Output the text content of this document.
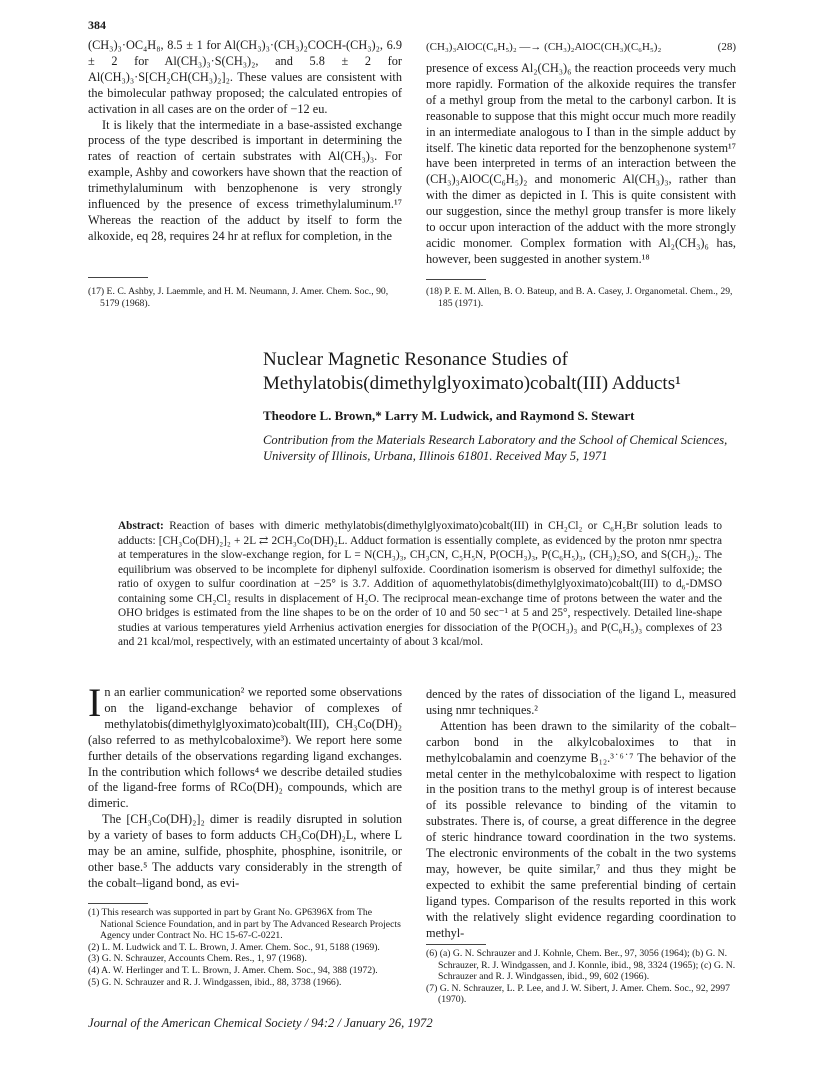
384

(CH₃)₃·OC₄H₈, 8.5 ± 1 for Al(CH₃)₃·(CH₃)₂COCH-(CH₃)₂, 6.9 ± 2 for Al(CH₃)₃·S(CH₃)₂, and 5.8 ± 2 for Al(CH₃)₃·S[CH₂CH(CH₃)₂]₂. These values are consistent with the bimolecular pathway proposed; the calculated entropies of activation in all cases are on the order of −12 eu.

It is likely that the intermediate in a base-assisted exchange process of the type described is important in determining the rates of reaction of certain substrates with Al(CH₃)₃. For example, Ashby and coworkers have shown that the reaction of trimethylaluminum with benzophenone is very strongly influenced by the presence of excess trimethylaluminum.¹⁷ Whereas the reaction of the adduct by itself to form the alkoxide, eq 28, requires 24 hr at reflux for completion, in the

(17) E. C. Ashby, J. Laemmle, and H. M. Neumann, J. Amer. Chem. Soc., 90, 5179 (1968).

(CH₃)₃AlOC(C₆H₅)₂ —→ (CH₃)₂AlOC(CH₃)(C₆H₅)₂	(28)

presence of excess Al₂(CH₃)₆ the reaction proceeds very much more rapidly. Formation of the alkoxide requires the transfer of a methyl group from the metal to the carbonyl carbon. It is reasonable to suppose that this might occur much more readily in an intermediate analogous to I than in the simple adduct by itself. The kinetic data reported for the benzophenone system¹⁷ have been interpreted in terms of an interaction between the (CH₃)₃AlOC(C₆H₅)₂ and monomeric Al(CH₃)₃, rather than with the dimer as depicted in I. This is quite consistent with our suggestion, since the methyl group transfer is more likely to occur upon interaction of the adduct with the more strongly acidic monomer. Complex formation with Al₂(CH₃)₆ has, however, been suggested in another system.¹⁸

(18) P. E. M. Allen, B. O. Bateup, and B. A. Casey, J. Organometal. Chem., 29, 185 (1971).

Nuclear Magnetic Resonance Studies of
Methylatobis(dimethylglyoximato)cobalt(III) Adducts¹
Theodore L. Brown,* Larry M. Ludwick, and Raymond S. Stewart
Contribution from the Materials Research Laboratory and the School of Chemical Sciences, University of Illinois, Urbana, Illinois 61801. Received May 5, 1971
Abstract: Reaction of bases with dimeric methylatobis(dimethylglyoximato)cobalt(III) in CH₂Cl₂ or C₆H₅Br solution leads to adducts: [CH₃Co(DH)₂]₂ + 2L ⇄ 2CH₃Co(DH)₂L. Adduct formation is essentially complete, as evidenced by the proton nmr spectra at temperatures in the slow-exchange region, for L = N(CH₃)₃, CH₃CN, C₅H₅N, P(OCH₃)₃, P(C₆H₅)₃, (CH₃)₂SO, and S(CH₃)₂. The equilibrium was observed to be incomplete for diphenyl sulfoxide. Coordination isomerism is observed for dimethyl sulfoxide; the ratio of oxygen to sulfur coordination at −25° is 3.7. Addition of aquomethylatobis(dimethylglyoximato)cobalt(III) to d₆-DMSO containing some CH₂Cl₂ results in displacement of H₂O. The reciprocal mean-exchange time of protons between the water and the OHO bridges is estimated from the line shapes to be on the order of 10 and 50 sec⁻¹ at 5 and 25°, respectively. Detailed line-shape studies at various temperatures yield Arrhenius activation energies for dissociation of the P(OCH₃)₃ and P(C₆H₅)₃ complexes of 23 and 21 kcal/mol, respectively, with an estimated uncertainty of about 3 kcal/mol.

In an earlier communication² we reported some observations on the ligand-exchange behavior of complexes of methylatobis(dimethylglyoximato)cobalt(III), CH₃Co(DH)₂ (also referred to as methylcobaloxime³). We report here some further details of the observations regarding ligand exchanges. In the contribution which follows⁴ we describe detailed studies of the ligand-free forms of RCo(DH)₂ compounds, which are dimeric.

The [CH₃Co(DH)₂]₂ dimer is readily disrupted in solution by a variety of bases to form adducts CH₃Co(DH)₂L, where L may be an amine, sulfide, phosphite, phosphine, isonitrile, or other base.⁵ The adducts vary considerably in the strength of the cobalt–ligand bond, as evi-

(1) This research was supported in part by Grant No. GP6396X from The National Science Foundation, and in part by The Advanced Research Projects Agency under Contract No. HC 15-67-C-0221.

(2) L. M. Ludwick and T. L. Brown, J. Amer. Chem. Soc., 91, 5188 (1969).

(3) G. N. Schrauzer, Accounts Chem. Res., 1, 97 (1968).

(4) A. W. Herlinger and T. L. Brown, J. Amer. Chem. Soc., 94, 388 (1972).

(5) G. N. Schrauzer and R. J. Windgassen, ibid., 88, 3738 (1966).

denced by the rates of dissociation of the ligand L, measured using nmr techniques.²

Attention has been drawn to the similarity of the cobalt–carbon bond in the alkylcobaloximes to that in methylcobalamin and coenzyme B₁₂.³˙⁶˙⁷ The behavior of the metal center in the methylcobaloxime with respect to ligation in the position trans to the methyl group is of interest because of its possible relevance to binding of the vitamin to substrates. There is, of course, a great difference in the degree of steric hindrance toward coordination in the two systems. The electronic environments of the cobalt in the two systems may, however, be quite similar,⁷ and thus they might be expected to exhibit the same preferential binding of certain ligand types. Comparison of the results reported in this work with the relatively slight evidence regarding coordination to methyl-

(6) (a) G. N. Schrauzer and J. Kohnle, Chem. Ber., 97, 3056 (1964); (b) G. N. Schrauzer, R. J. Windgassen, and J. Konnle, ibid., 98, 3324 (1965); (c) G. N. Schrauzer and R. J. Windgassen, ibid., 99, 602 (1966).

(7) G. N. Schrauzer, L. P. Lee, and J. W. Sibert, J. Amer. Chem. Soc., 92, 2997 (1970).

Journal of the American Chemical Society / 94:2 / January 26, 1972
